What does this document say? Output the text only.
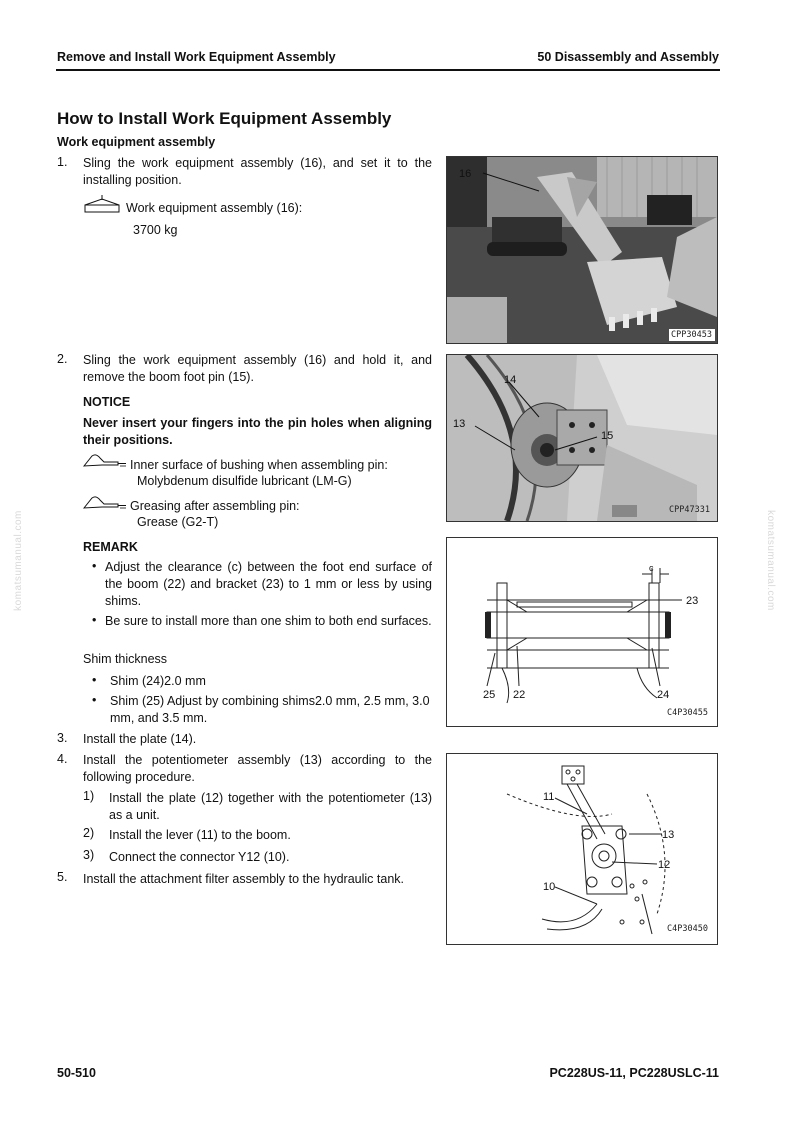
Remove and Install Work Equipment Assembly	50 Disassembly and Assembly
How to Install Work Equipment Assembly
Work equipment assembly
1. Sling the work equipment assembly (16), and set it to the installing position.
Work equipment assembly (16):
3700 kg
2. Sling the work equipment assembly (16) and hold it, and remove the boom foot pin (15).
NOTICE
Never insert your fingers into the pin holes when aligning their positions.
Inner surface of bushing when assembling pin:
Molybdenum disulfide lubricant (LM-G)
Greasing after assembling pin:
Grease (G2-T)
REMARK
• Adjust the clearance (c) between the foot end surface of the boom (22) and bracket (23) to 1 mm or less by using shims.
• Be sure to install more than one shim to both end surfaces.
Shim thickness
• Shim (24)2.0 mm
• Shim (25) Adjust by combining shims2.0 mm, 2.5 mm, 3.0 mm, and 3.5 mm.
3. Install the plate (14).
4. Install the potentiometer assembly (13) according to the following procedure.
1) Install the plate (12) together with the potentiometer (13) as a unit.
2) Install the lever (11) to the boom.
3) Connect the connector Y12 (10).
5. Install the attachment filter assembly to the hydraulic tank.
16
CPP30453
14
13
15
CPP47331
c
23
25 22	24
C4P30455
11
13
12
10
C4P30450
komatsumanual.com	komatsumanual.com
50-510	PC228US-11, PC228USLC-11
